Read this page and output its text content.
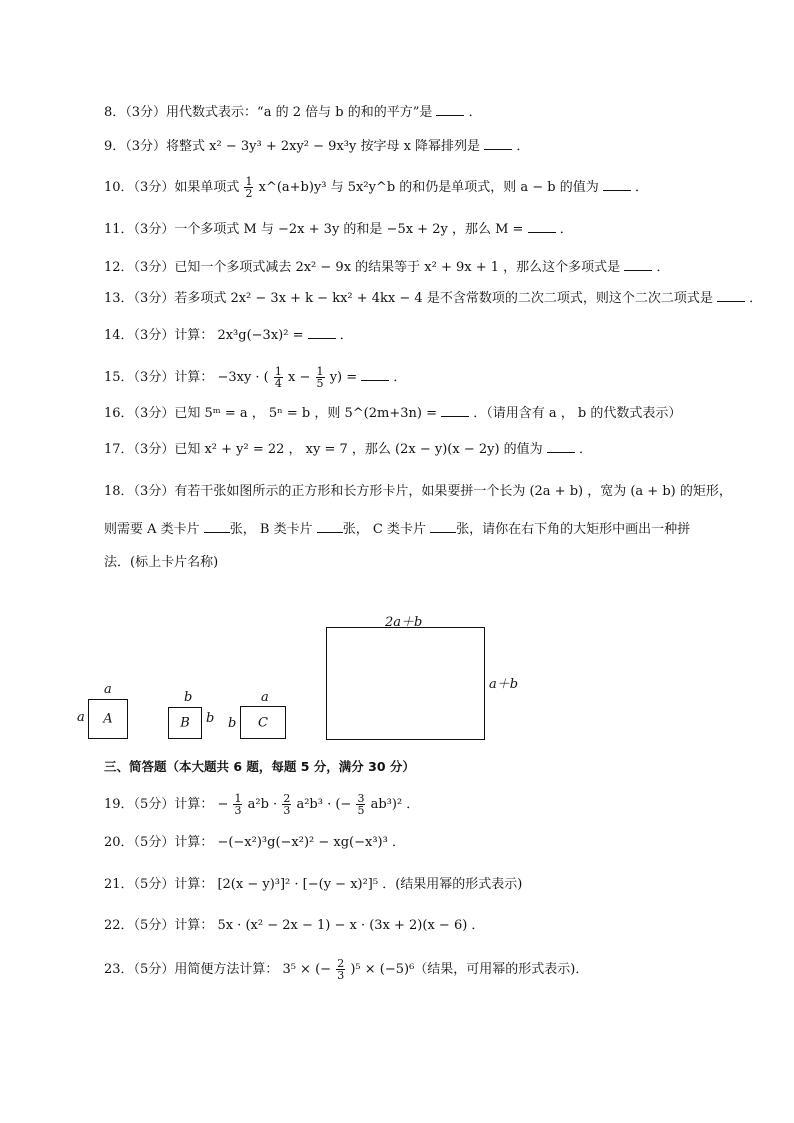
8．（3分）用代数式表示：“a 的 2 倍与 b 的和的平方”是	．
9．（3分）将整式 x² − 3y³ + 2xy² − 9x³y 按字母 x 降幂排列是	．
10．（3分）如果单项式 $\frac{1}{2}$ x^(a+b)y³ 与 5x²y^b 的和仍是单项式，则 a − b 的值为	．
11．（3分）一个多项式 M 与 −2x + 3y 的和是 −5x + 2y ，那么 M =	．
12．（3分）已知一个多项式减去 2x² − 9x 的结果等于 x² + 9x + 1 ，那么这个多项式是	．
13．（3分）若多项式 2x² − 3x + k − kx² + 4kx − 4 是不含常数项的二次二项式，则这个二次二项式是	．
14．（3分）计算： 2x³g(−3x)² =	．
15．（3分）计算： −3xy · ( $\frac{1}{4}$ $x - \frac{1}{5} y$) =	．
16．（3分）已知 5ᵐ = a ， 5ⁿ = b ，则 5^(2m+3n) =	．（请用含有 a ， b 的代数式表示）
17．（3分）已知 x² + y² = 22 ， xy = 7 ，那么 (2x − y)(x − 2y) 的值为	．
18．（3分）有若干张如图所示的正方形和长方形卡片，如果要拼一个长为 (2a + b) ，宽为 (a + b) 的矩形，
则需要 A 类卡片 张， B 类卡片 张， C 类卡片 张，请你在右下角的大矩形中画出一种拼
法．(标上卡片名称)
a
a	A
b
b
B
a
b	C
2a＋b
a＋b
三、简答题（本大题共 6 题，每题 5 分，满分 30 分）
19．（5分）计算： − $\frac{1}{3} a^2b \cdot \frac{2}{3} a^2b^3$ · (− $\frac{3}{5} ab^3)^2$ ．
20．（5分）计算： −(−x²)³g(−x²)² − xg(−x³)³ ．
21．（5分）计算： [2(x − y)³]² · [−(y − x)²]⁵ ．(结果用幂的形式表示)
22．（5分）计算： 5x · (x² − 2x − 1) − x · (3x + 2)(x − 6) ．
23．（5分）用简便方法计算： 3⁵ × (− $\frac{2}{3} )^5 \times (-5)^6$（结果，可用幂的形式表示)．
